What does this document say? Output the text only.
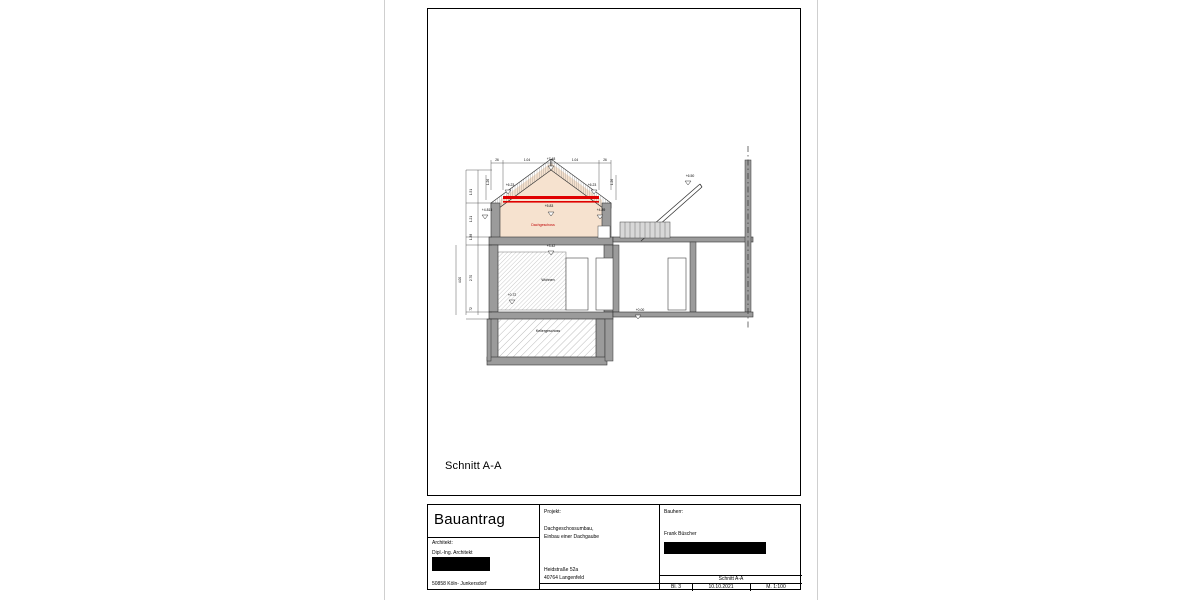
Schnitt A-A
Bauantrag
Architekt:
Dipl.-Ing. Architekt
50858 Köln- Junkersdorf
Projekt:
Dachgeschossumbau,
Einbau einer Dachgaube
Heidstraße 52a
40764 Langenfeld
Bauherr:
Frank Büscher
Schnitt A-A
Bl. 3	10.10.2021	M. 1:100
Dachgeschoss
Wohnen
Kellergeschoss
+7.48
+6.23	+6.23
+5.83
+4.815	+4.89
+6.50
+3.42
+0.72
+0.00
26	1.04	1.04	26
1.26	1.26
1.51
1.21
1.38
2.70
4.00
72
